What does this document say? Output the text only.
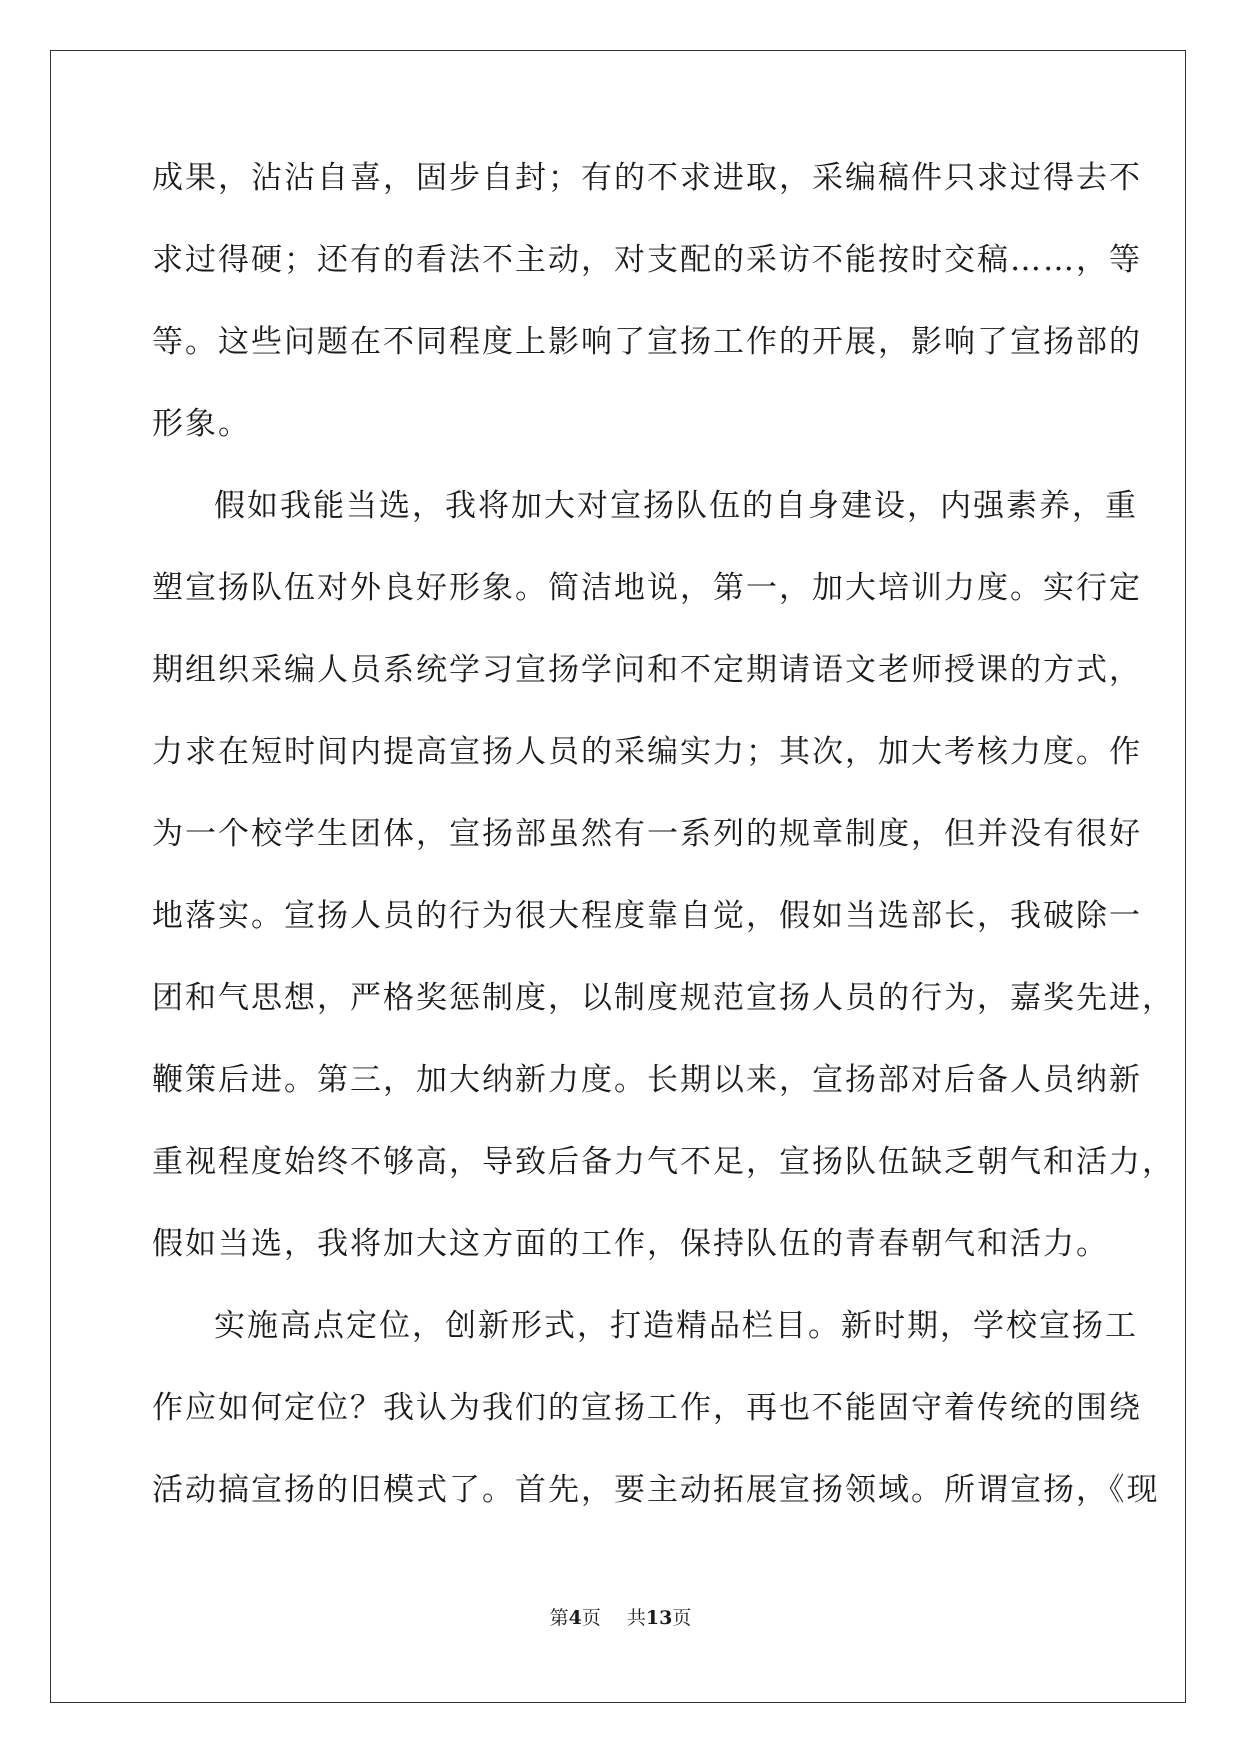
成果，沾沾自喜，固步自封；有的不求进取，采编稿件只求过得去不
求过得硬；还有的看法不主动，对支配的采访不能按时交稿……，等
等。这些问题在不同程度上影响了宣扬工作的开展，影响了宣扬部的
形象。
假如我能当选，我将加大对宣扬队伍的自身建设，内强素养，重
塑宣扬队伍对外良好形象。简洁地说，第一，加大培训力度。实行定
期组织采编人员系统学习宣扬学问和不定期请语文老师授课的方式，
力求在短时间内提高宣扬人员的采编实力；其次，加大考核力度。作
为一个校学生团体，宣扬部虽然有一系列的规章制度，但并没有很好
地落实。宣扬人员的行为很大程度靠自觉，假如当选部长，我破除一
团和气思想，严格奖惩制度，以制度规范宣扬人员的行为，嘉奖先进，
鞭策后进。第三，加大纳新力度。长期以来，宣扬部对后备人员纳新
重视程度始终不够高，导致后备力气不足，宣扬队伍缺乏朝气和活力，
假如当选，我将加大这方面的工作，保持队伍的青春朝气和活力。
实施高点定位，创新形式，打造精品栏目。新时期，学校宣扬工
作应如何定位？我认为我们的宣扬工作，再也不能固守着传统的围绕
活动搞宣扬的旧模式了。首先，要主动拓展宣扬领域。所谓宣扬，《现
第4页 共13页
